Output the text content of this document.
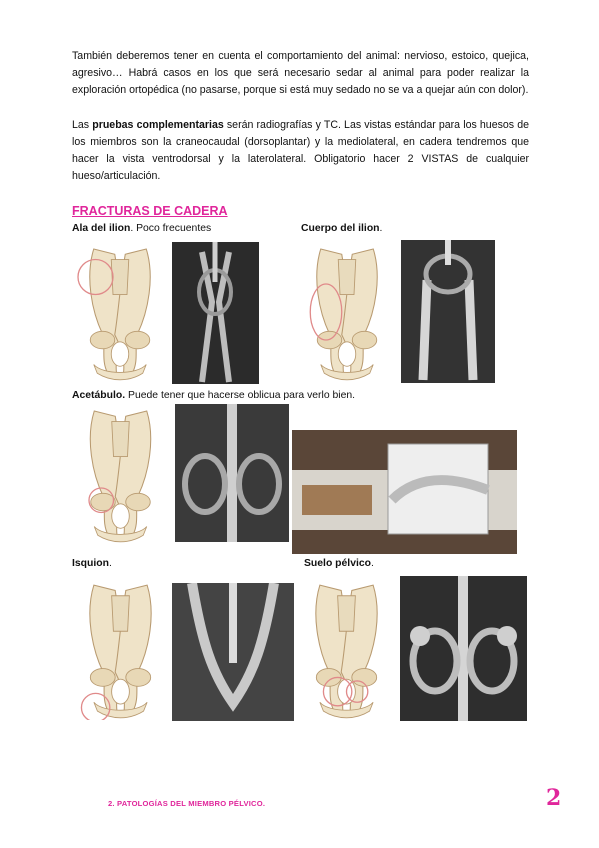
También deberemos tener en cuenta el comportamiento del animal: nervioso, estoico, quejica, agresivo… Habrá casos en los que será necesario sedar al animal para poder realizar la exploración ortopédica (no pasarse, porque si está muy sedado no se va a quejar aún con dolor).

Las pruebas complementarias serán radiografías y TC. Las vistas estándar para los huesos de los miembros son la craneocaudal (dorsoplantar) y la mediolateral, en cadera tendremos que hacer la vista ventrodorsal y la laterolateral. Obligatorio hacer 2 VISTAS de cualquier hueso/articulación.

FRACTURAS DE CADERA

Ala del ilion. Poco frecuentes	Cuerpo del ilion.

Acetábulo. Puede tener que hacerse oblicua para verlo bien.

Isquion.	Suelo pélvico.

2. PATOLOGÍAS DEL MIEMBRO PÉLVICO.	2
